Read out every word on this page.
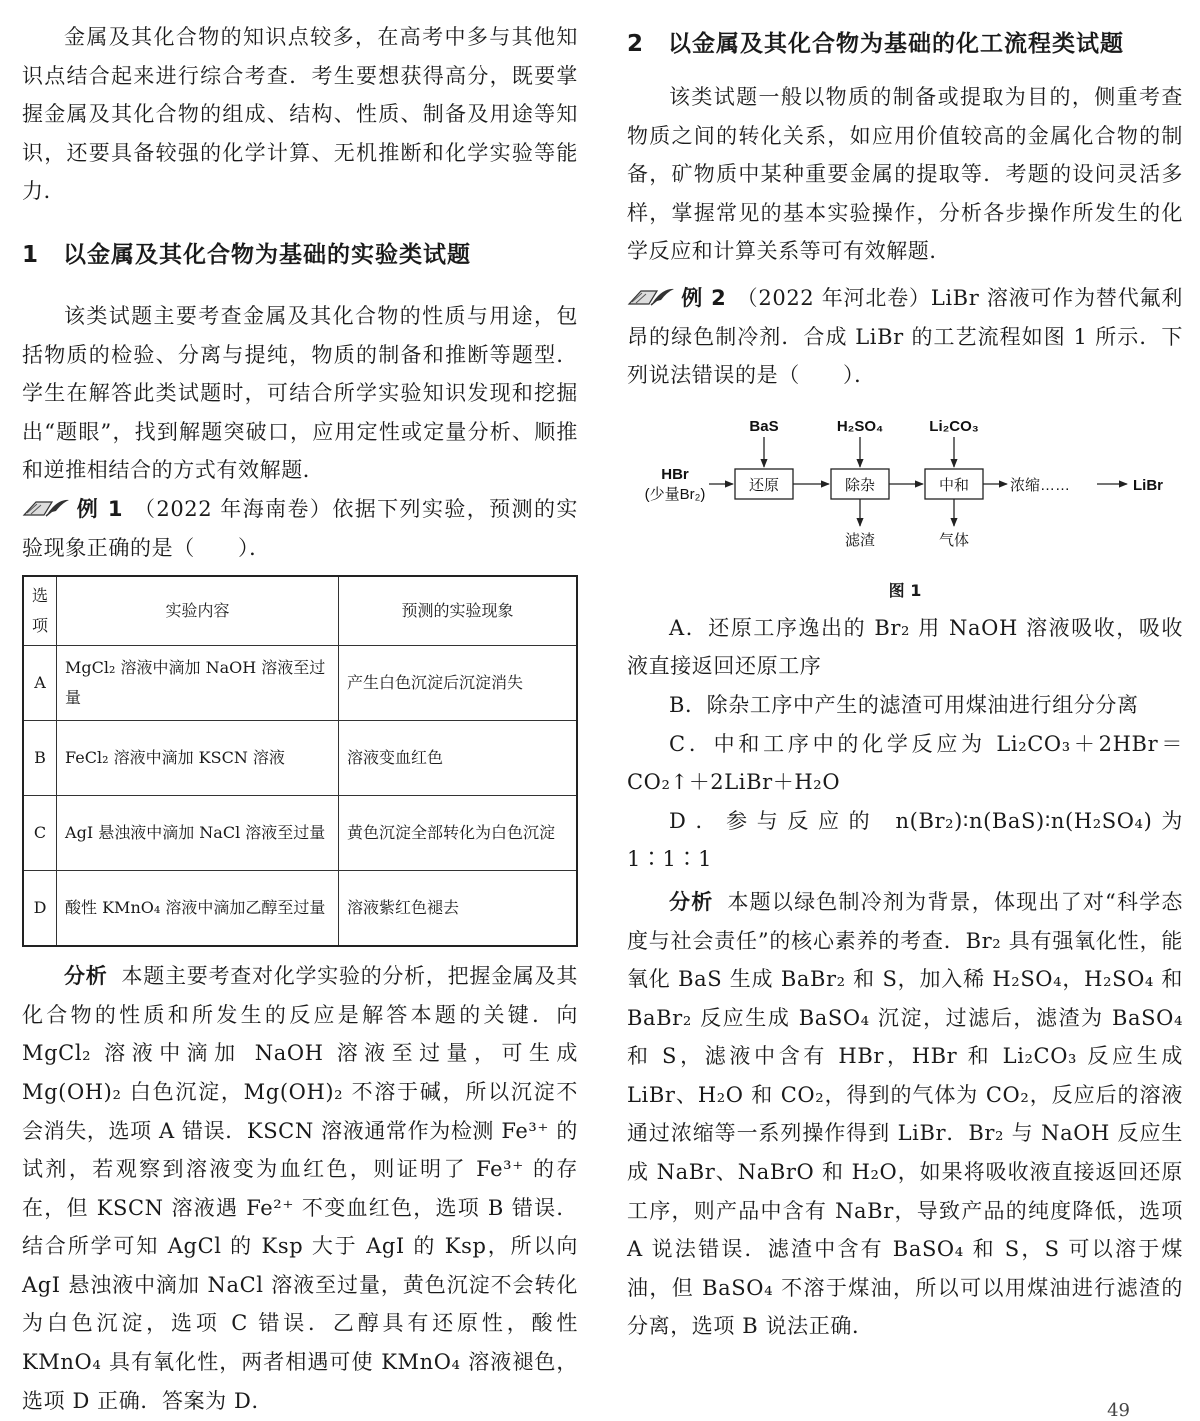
金属及其化合物的知识点较多，在高考中多与其他知识点结合起来进行综合考查．考生要想获得高分，既要掌握金属及其化合物的组成、结构、性质、制备及用途等知识，还要具备较强的化学计算、无机推断和化学实验等能力．

1　以金属及其化合物为基础的实验类试题

该类试题主要考查金属及其化合物的性质与用途，包括物质的检验、分离与提纯，物质的制备和推断等题型．学生在解答此类试题时，可结合所学实验知识发现和挖掘出“题眼”，找到解题突破口，应用定性或定量分析、顺推和逆推相结合的方式有效解题．

例 1 （2022 年海南卷）依据下列实验，预测的实验现象正确的是（　　）．

选项	实验内容	预测的实验现象
A	MgCl₂ 溶液中滴加 NaOH 溶液至过量	产生白色沉淀后沉淀消失
B	FeCl₂ 溶液中滴加 KSCN 溶液	溶液变血红色
C	AgI 悬浊液中滴加 NaCl 溶液至过量	黄色沉淀全部转化为白色沉淀
D	酸性 KMnO₄ 溶液中滴加乙醇至过量	溶液紫红色褪去

分析 本题主要考查对化学实验的分析，把握金属及其化合物的性质和所发生的反应是解答本题的关键．向 MgCl₂ 溶液中滴加 NaOH 溶液至过量，可生成 Mg(OH)₂ 白色沉淀，Mg(OH)₂ 不溶于碱，所以沉淀不会消失，选项 A 错误．KSCN 溶液通常作为检测 Fe³⁺ 的试剂，若观察到溶液变为血红色，则证明了 Fe³⁺ 的存在，但 KSCN 溶液遇 Fe²⁺ 不变血红色，选项 B 错误．结合所学可知 AgCl 的 Ksp 大于 AgI 的 Ksp，所以向 AgI 悬浊液中滴加 NaCl 溶液至过量，黄色沉淀不会转化为白色沉淀，选项 C 错误．乙醇具有还原性，酸性 KMnO₄ 具有氧化性，两者相遇可使 KMnO₄ 溶液褪色，选项 D 正确．答案为 D．

2　以金属及其化合物为基础的化工流程类试题

该类试题一般以物质的制备或提取为目的，侧重考查物质之间的转化关系，如应用价值较高的金属化合物的制备，矿物质中某种重要金属的提取等．考题的设问灵活多样，掌握常见的基本实验操作，分析各步操作所发生的化学反应和计算关系等可有效解题．

例 2 （2022 年河北卷）LiBr 溶液可作为替代氟利昂的绿色制冷剂．合成 LiBr 的工艺流程如图 1 所示．下列说法错误的是（　　）．

HBr
(少量Br₂)
还原
BaS
除杂
H₂SO₄
滤渣
中和
Li₂CO₃
气体
浓缩……	LiBr
图 1

A．还原工序逸出的 Br₂ 用 NaOH 溶液吸收，吸收液直接返回还原工序

B．除杂工序中产生的滤渣可用煤油进行组分分离

C．中和工序中的化学反应为 Li₂CO₃＋2HBr＝CO₂↑＋2LiBr＋H₂O

D．参与反应的 n(Br₂)∶n(BaS)∶n(H₂SO₄)为 1∶1∶1

分析 本题以绿色制冷剂为背景，体现出了对“科学态度与社会责任”的核心素养的考查．Br₂ 具有强氧化性，能氧化 BaS 生成 BaBr₂ 和 S，加入稀 H₂SO₄，H₂SO₄ 和 BaBr₂ 反应生成 BaSO₄ 沉淀，过滤后，滤渣为 BaSO₄ 和 S，滤液中含有 HBr，HBr 和 Li₂CO₃ 反应生成 LiBr、H₂O 和 CO₂，得到的气体为 CO₂，反应后的溶液通过浓缩等一系列操作得到 LiBr．Br₂ 与 NaOH 反应生成 NaBr、NaBrO 和 H₂O，如果将吸收液直接返回还原工序，则产品中含有 NaBr，导致产品的纯度降低，选项 A 说法错误．滤渣中含有 BaSO₄ 和 S，S 可以溶于煤油，但 BaSO₄ 不溶于煤油，所以可以用煤油进行滤渣的分离，选项 B 说法正确．

49
